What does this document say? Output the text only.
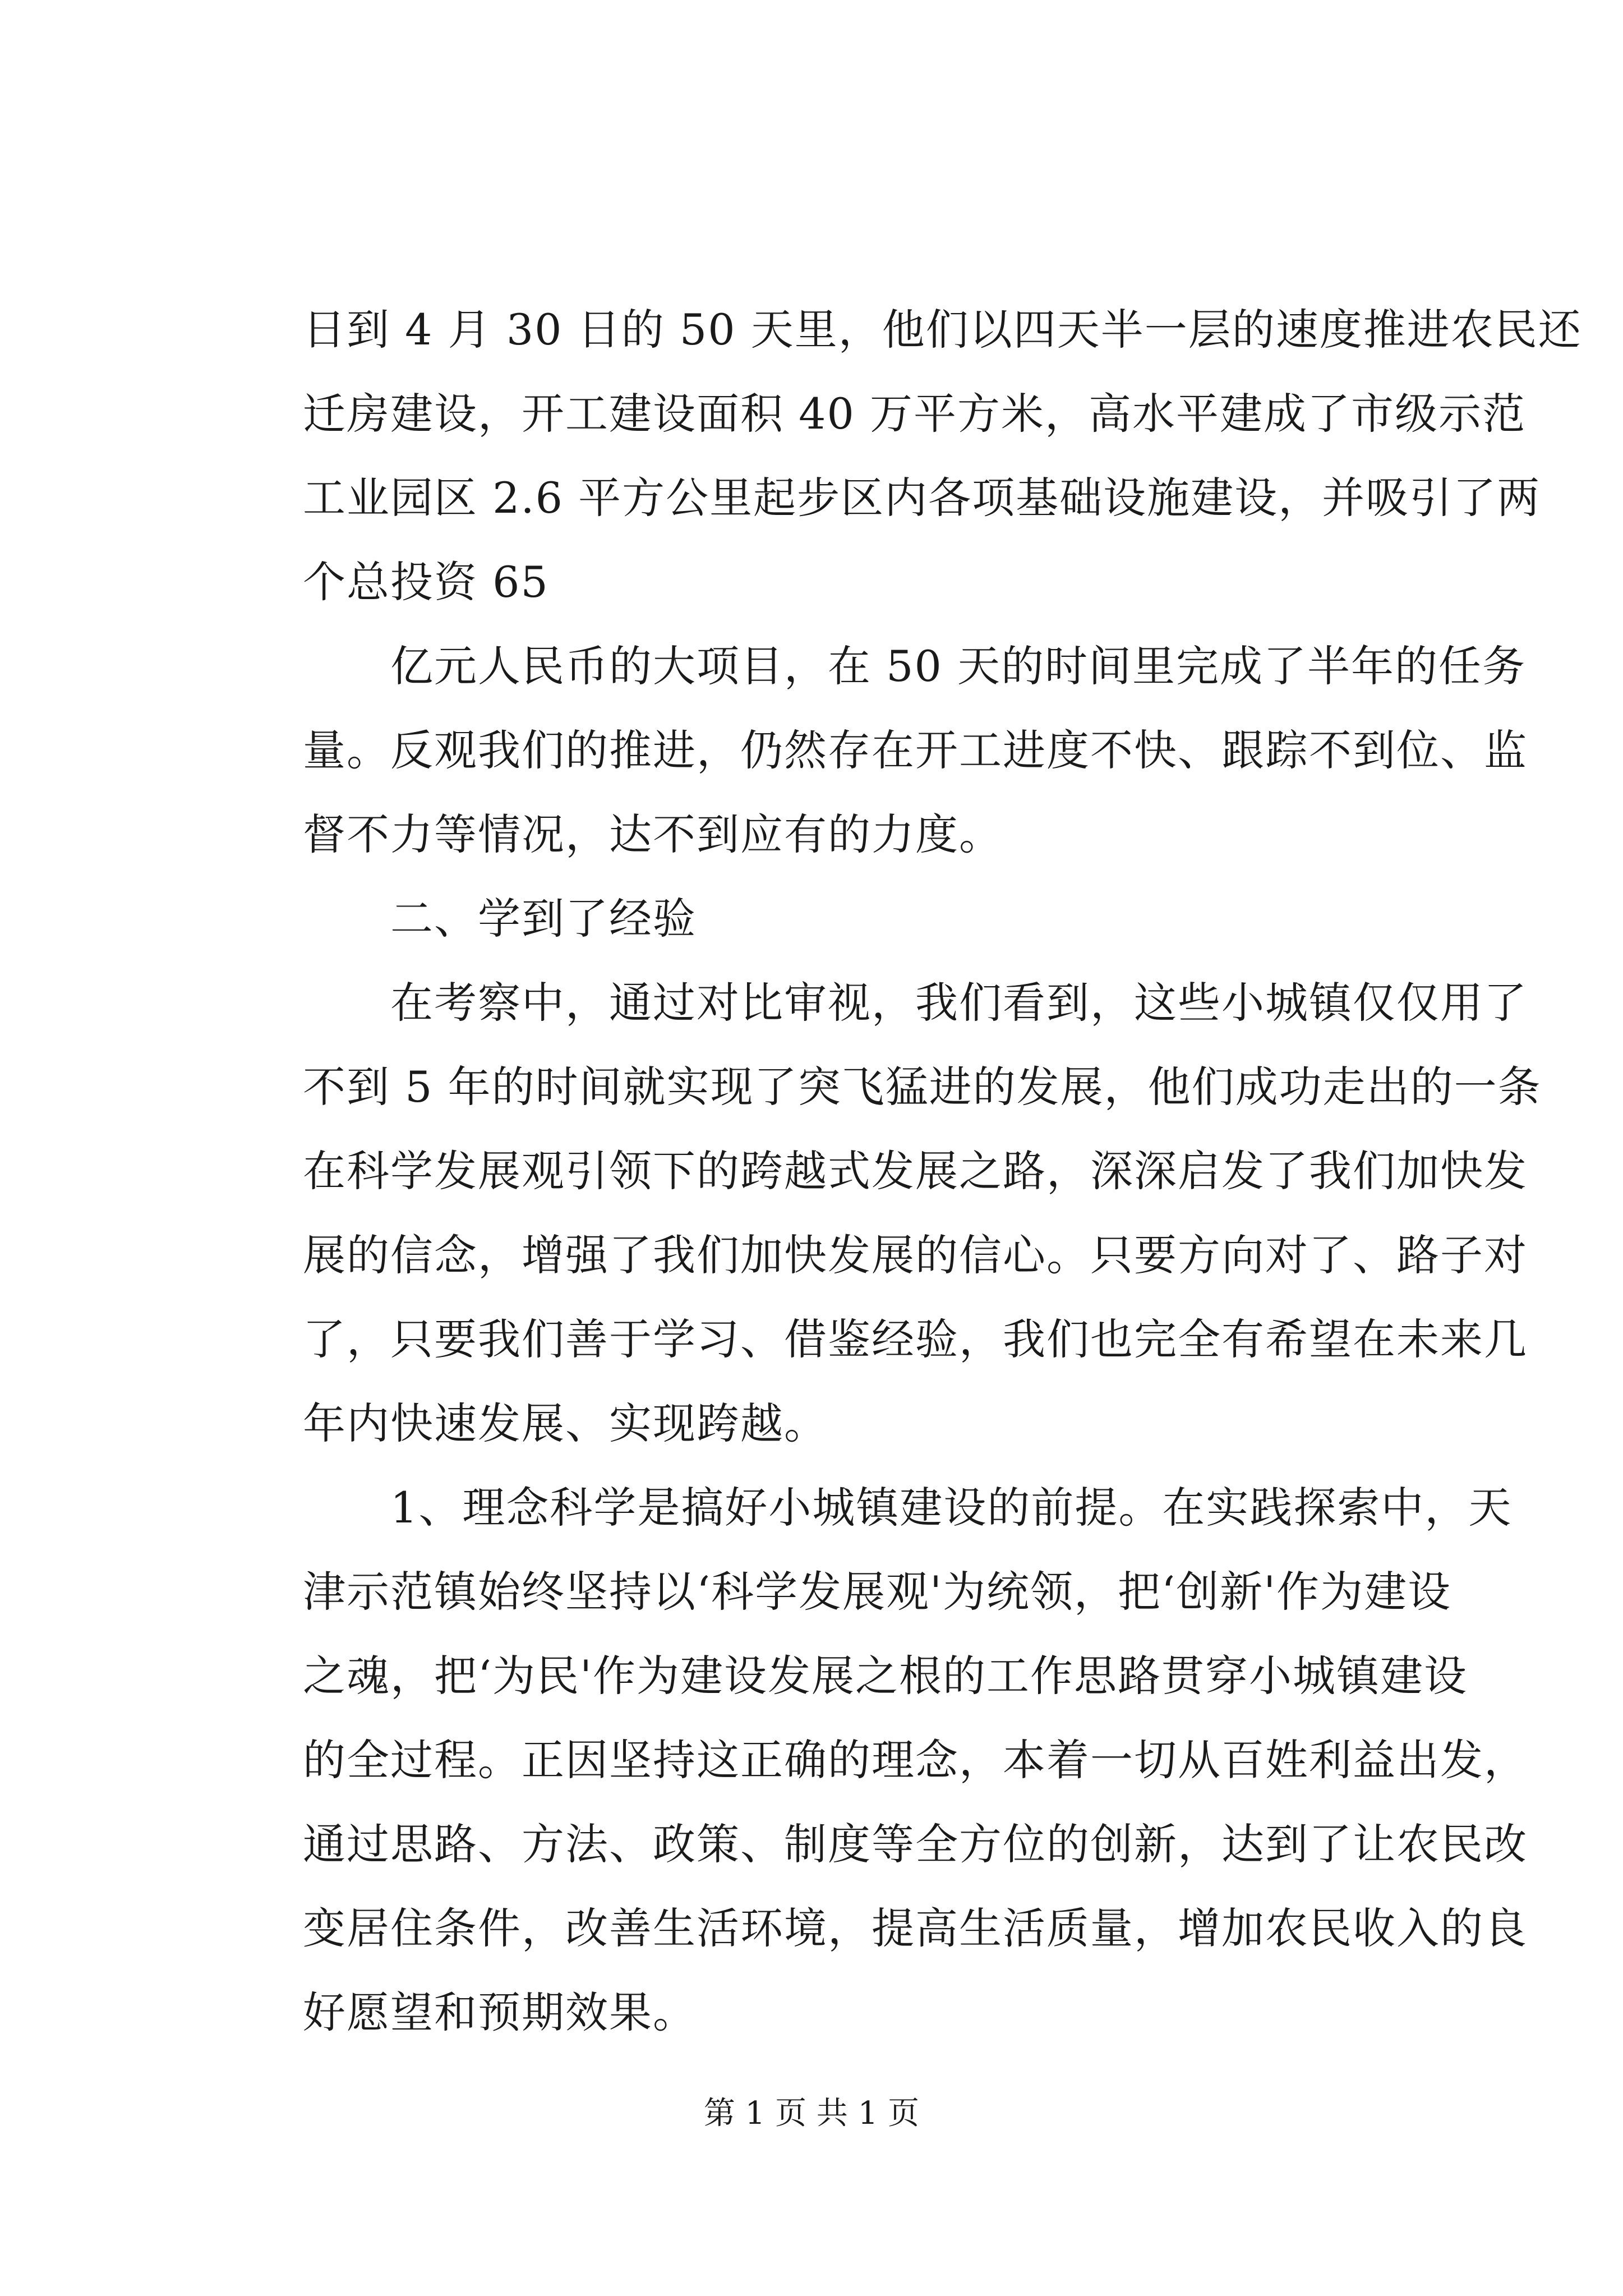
日到 4 月 30 日的 50 天里，他们以四天半一层的速度推进农民还
迁房建设，开工建设面积 40 万平方米，高水平建成了市级示范
工业园区 2.6 平方公里起步区内各项基础设施建设，并吸引了两
个总投资 65
　　亿元人民币的大项目，在 50 天的时间里完成了半年的任务
量。反观我们的推进，仍然存在开工进度不快、跟踪不到位、监
督不力等情况，达不到应有的力度。
　　二、学到了经验
　　在考察中，通过对比审视，我们看到，这些小城镇仅仅用了
不到 5 年的时间就实现了突飞猛进的发展，他们成功走出的一条
在科学发展观引领下的跨越式发展之路，深深启发了我们加快发
展的信念，增强了我们加快发展的信心。只要方向对了、路子对
了，只要我们善于学习、借鉴经验，我们也完全有希望在未来几
年内快速发展、实现跨越。
　　1、理念科学是搞好小城镇建设的前提。在实践探索中，天
津示范镇始终坚持以‘科学发展观'为统领，把‘创新'作为建设
之魂，把‘为民'作为建设发展之根的工作思路贯穿小城镇建设
的全过程。正因坚持这正确的理念，本着一切从百姓利益出发，
通过思路、方法、政策、制度等全方位的创新，达到了让农民改
变居住条件，改善生活环境，提高生活质量，增加农民收入的良
好愿望和预期效果。
第 1 页 共 1 页
